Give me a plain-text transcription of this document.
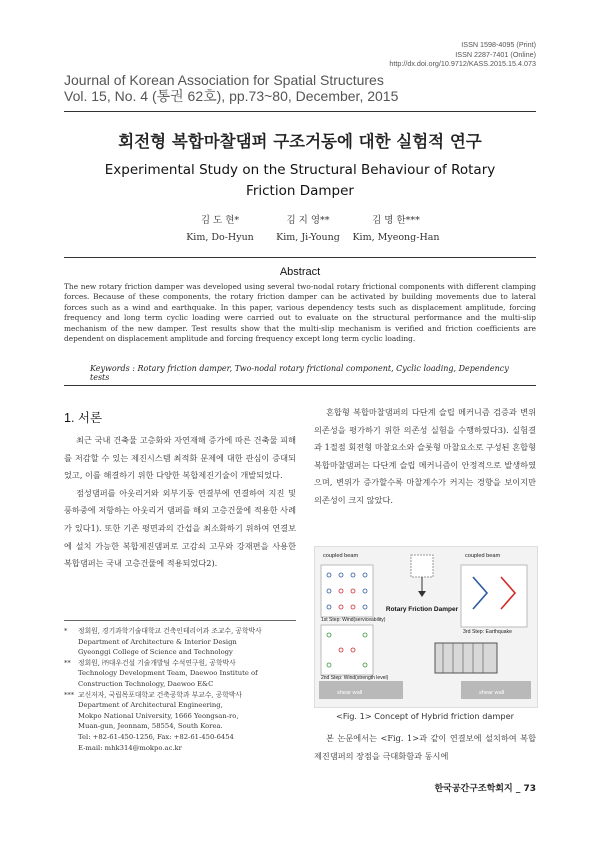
ISSN 1598-4095 (Print)
ISSN 2287-7401 (Online)
http://dx.doi.org/10.9712/KASS.2015.15.4.073
Journal of Korean Association for Spatial Structures
Vol. 15, No. 4 (통권 62호), pp.73~80, December, 2015
회전형 복합마찰댐퍼 구조거동에 대한 실험적 연구
Experimental Study on the Structural Behaviour of Rotary Friction Damper
김 도 현*
Kim, Do-Hyun
김 지 영**
Kim, Ji-Young
김 명 한***
Kim, Myeong-Han
Abstract
The new rotary friction damper was developed using several two-nodal rotary frictional components with different clamping forces. Because of these components, the rotary friction damper can be activated by building movements due to lateral forces such as a wind and earthquake. In this paper, various dependency tests such as displacement amplitude, forcing frequency and long term cyclic loading were carried out to evaluate on the structural performance and the multi-slip mechanism of the new damper. Test results show that the multi-slip mechanism is verified and friction coefficients are dependent on displacement amplitude and forcing frequency except long term cyclic loading.
Keywords : Rotary friction damper, Two-nodal rotary frictional component, Cyclic loading, Dependency tests
1. 서론

최근 국내 건축물 고층화와 자연재해 증가에 따른 건축물 피해를 저감할 수 있는 제진시스템 최적화 문제에 대한 관심이 증대되었고, 이를 해결하기 위한 다양한 복합제진기술이 개발되었다.

점성댐퍼를 아웃리거와 외부기둥 연결부에 연결하여 지진 및 풍하중에 저항하는 아웃리거 댐퍼를 해외 고층건물에 적용한 사례가 있다1). 또한 기존 평면과의 간섭을 최소화하기 위하여 연결보에 설치 가능한 복합제진댐퍼로 고감쇠 고무와 강재편을 사용한 복합댐퍼는 국내 고층건물에 적용되었다2).

*	정회원, 경기과학기술대학교 건축인테리어과 조교수, 공학박사
Department of Architecture & Interior Design
Gyeonggi College of Science and Technology
**	정회원, ㈜대우건설 기술개발팀 수석연구원, 공학박사
Technology Development Team, Daewoo Institute of
Construction Technology, Daewoo E&C
*** 교신저자, 국립목포대학교 건축공학과 부교수, 공학박사
Department of Architectural Engineering,
Mokpo National University, 1666 Yeongsan-ro,
Muan-gun, Jeonnam, 58554, South Korea.
Tel: +82-61-450-1256, Fax: +82-61-450-6454
E-mail: mhk314@mokpo.ac.kr

혼합형 복합마찰댐퍼의 다단계 슬립 메커니즘 검증과 변위의존성을 평가하기 위한 의존성 실험을 수행하였다3). 실험결과 1절점 회전형 마찰요소와 슬롯형 마찰요소로 구성된 혼합형 복합마찰댐퍼는 다단계 슬립 메커니즘이 안정적으로 발생하였으며, 변위가 증가할수록 마찰계수가 커지는 경향을 보이지만 의존성이 크지 않았다.

Rotary Friction Damper
coupled beam	coupled beam
1st Step: Wind(serviceability)
2nd Step: Wind(strength level)
3rd Step: Earthquake
shear wall	shear wall
<Fig. 1> Concept of Hybrid friction damper

본 논문에서는 <Fig. 1>과 같이 연결보에 설치하여 복합제진댐퍼의 장점을 극대화함과 동시에

한국공간구조학회지 _ 73
